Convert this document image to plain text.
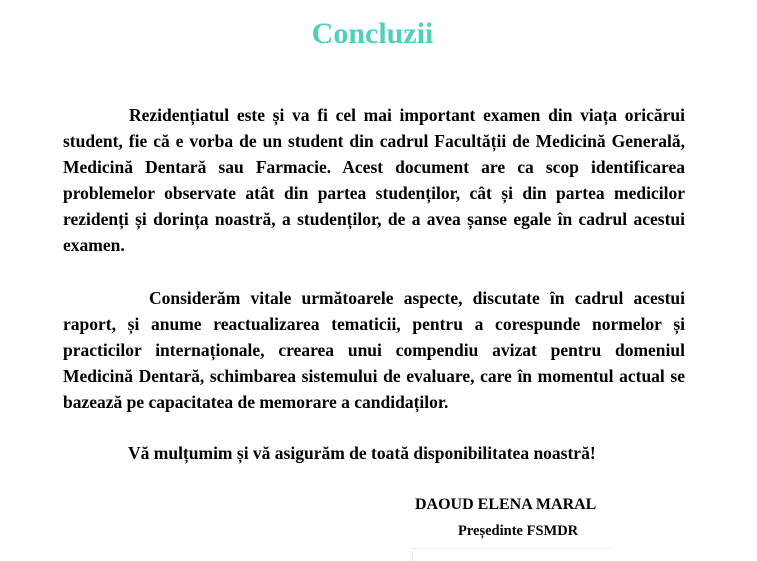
Concluzii

Rezidențiatul este și va fi cel mai important examen din viața oricărui student, fie că e vorba de un student din cadrul Facultății de Medicină Generală, Medicină Dentară sau Farmacie. Acest document are ca scop identificarea problemelor observate atât din partea studenților, cât și din partea medicilor rezidenți și dorința noastră, a studenților, de a avea șanse egale în cadrul acestui examen.

Considerăm vitale următoarele aspecte, discutate în cadrul acestui raport, și anume reactualizarea tematicii, pentru a corespunde normelor și practicilor internaționale, crearea unui compendiu avizat pentru domeniul Medicină Dentară, schimbarea sistemului de evaluare, care în momentul actual se bazează pe capacitatea de memorare a candidaților.

Vă mulțumim și vă asigurăm de toată disponibilitatea noastră!

DAOUD ELENA MARAL

Președinte FSMDR
